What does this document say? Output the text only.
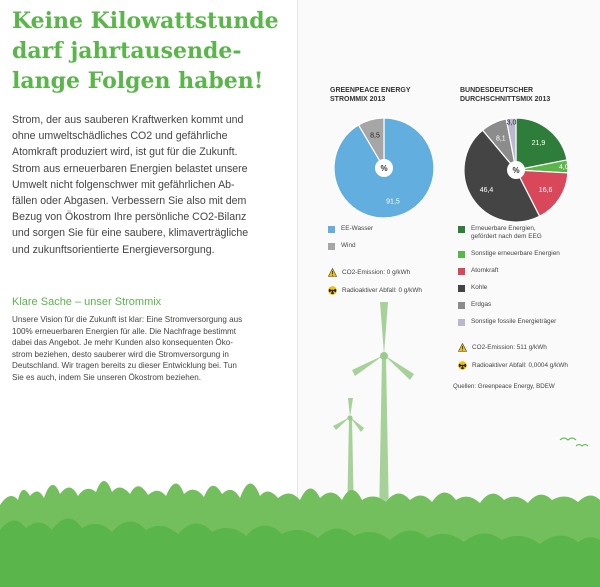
Keine Kilowattstunde
darf jahrtausende-
lange Folgen haben!
Strom, der aus sauberen Kraftwerken kommt und
ohne umweltschädliches CO2 und gefährliche
Atomkraft produziert wird, ist gut für die Zukunft.
Strom aus erneuerbaren Energien belastet unsere
Umwelt nicht folgenschwer mit gefährlichen Ab-
fällen oder Abgasen. Verbessern Sie also mit dem
Bezug von Ökostrom Ihre persönliche CO2-Bilanz
und sorgen Sie für eine saubere, klimaverträgliche
und zukunftsorientierte Energieversorgung.
Klare Sache – unser Strommix
Unsere Vision für die Zukunft ist klar: Eine Stromversorgung aus
100% erneuerbaren Energien für alle. Die Nachfrage bestimmt
dabei das Angebot. Je mehr Kunden also konsequenten Öko-
strom beziehen, desto sauberer wird die Stromversorgung in
Deutschland. Wir tragen bereits zu dieser Entwicklung bei. Tun
Sie es auch, indem Sie unseren Ökostrom beziehen.
GREENPEACE ENERGY
STROMMIX 2013
91,5
8,5
%
EE-Wasser
Wind
CO2-Emission: 0 g/kWh
Radioaktiver Abfall: 0 g/kWh
BUNDESDEUTSCHER
DURCHSCHNITTSMIX 2013
21,9
4,0
16,6
46,4
8,1
3,0
%
Erneuerbare Energien, gefördert nach dem EEG
Sonstige erneuerbare Energien
Atomkraft
Kohle
Erdgas
Sonstige fossile Energieträger
CO2-Emission: 511 g/kWh
Radioaktiver Abfall: 0,0004 g/kWh
Quellen: Greenpeace Energy, BDEW
